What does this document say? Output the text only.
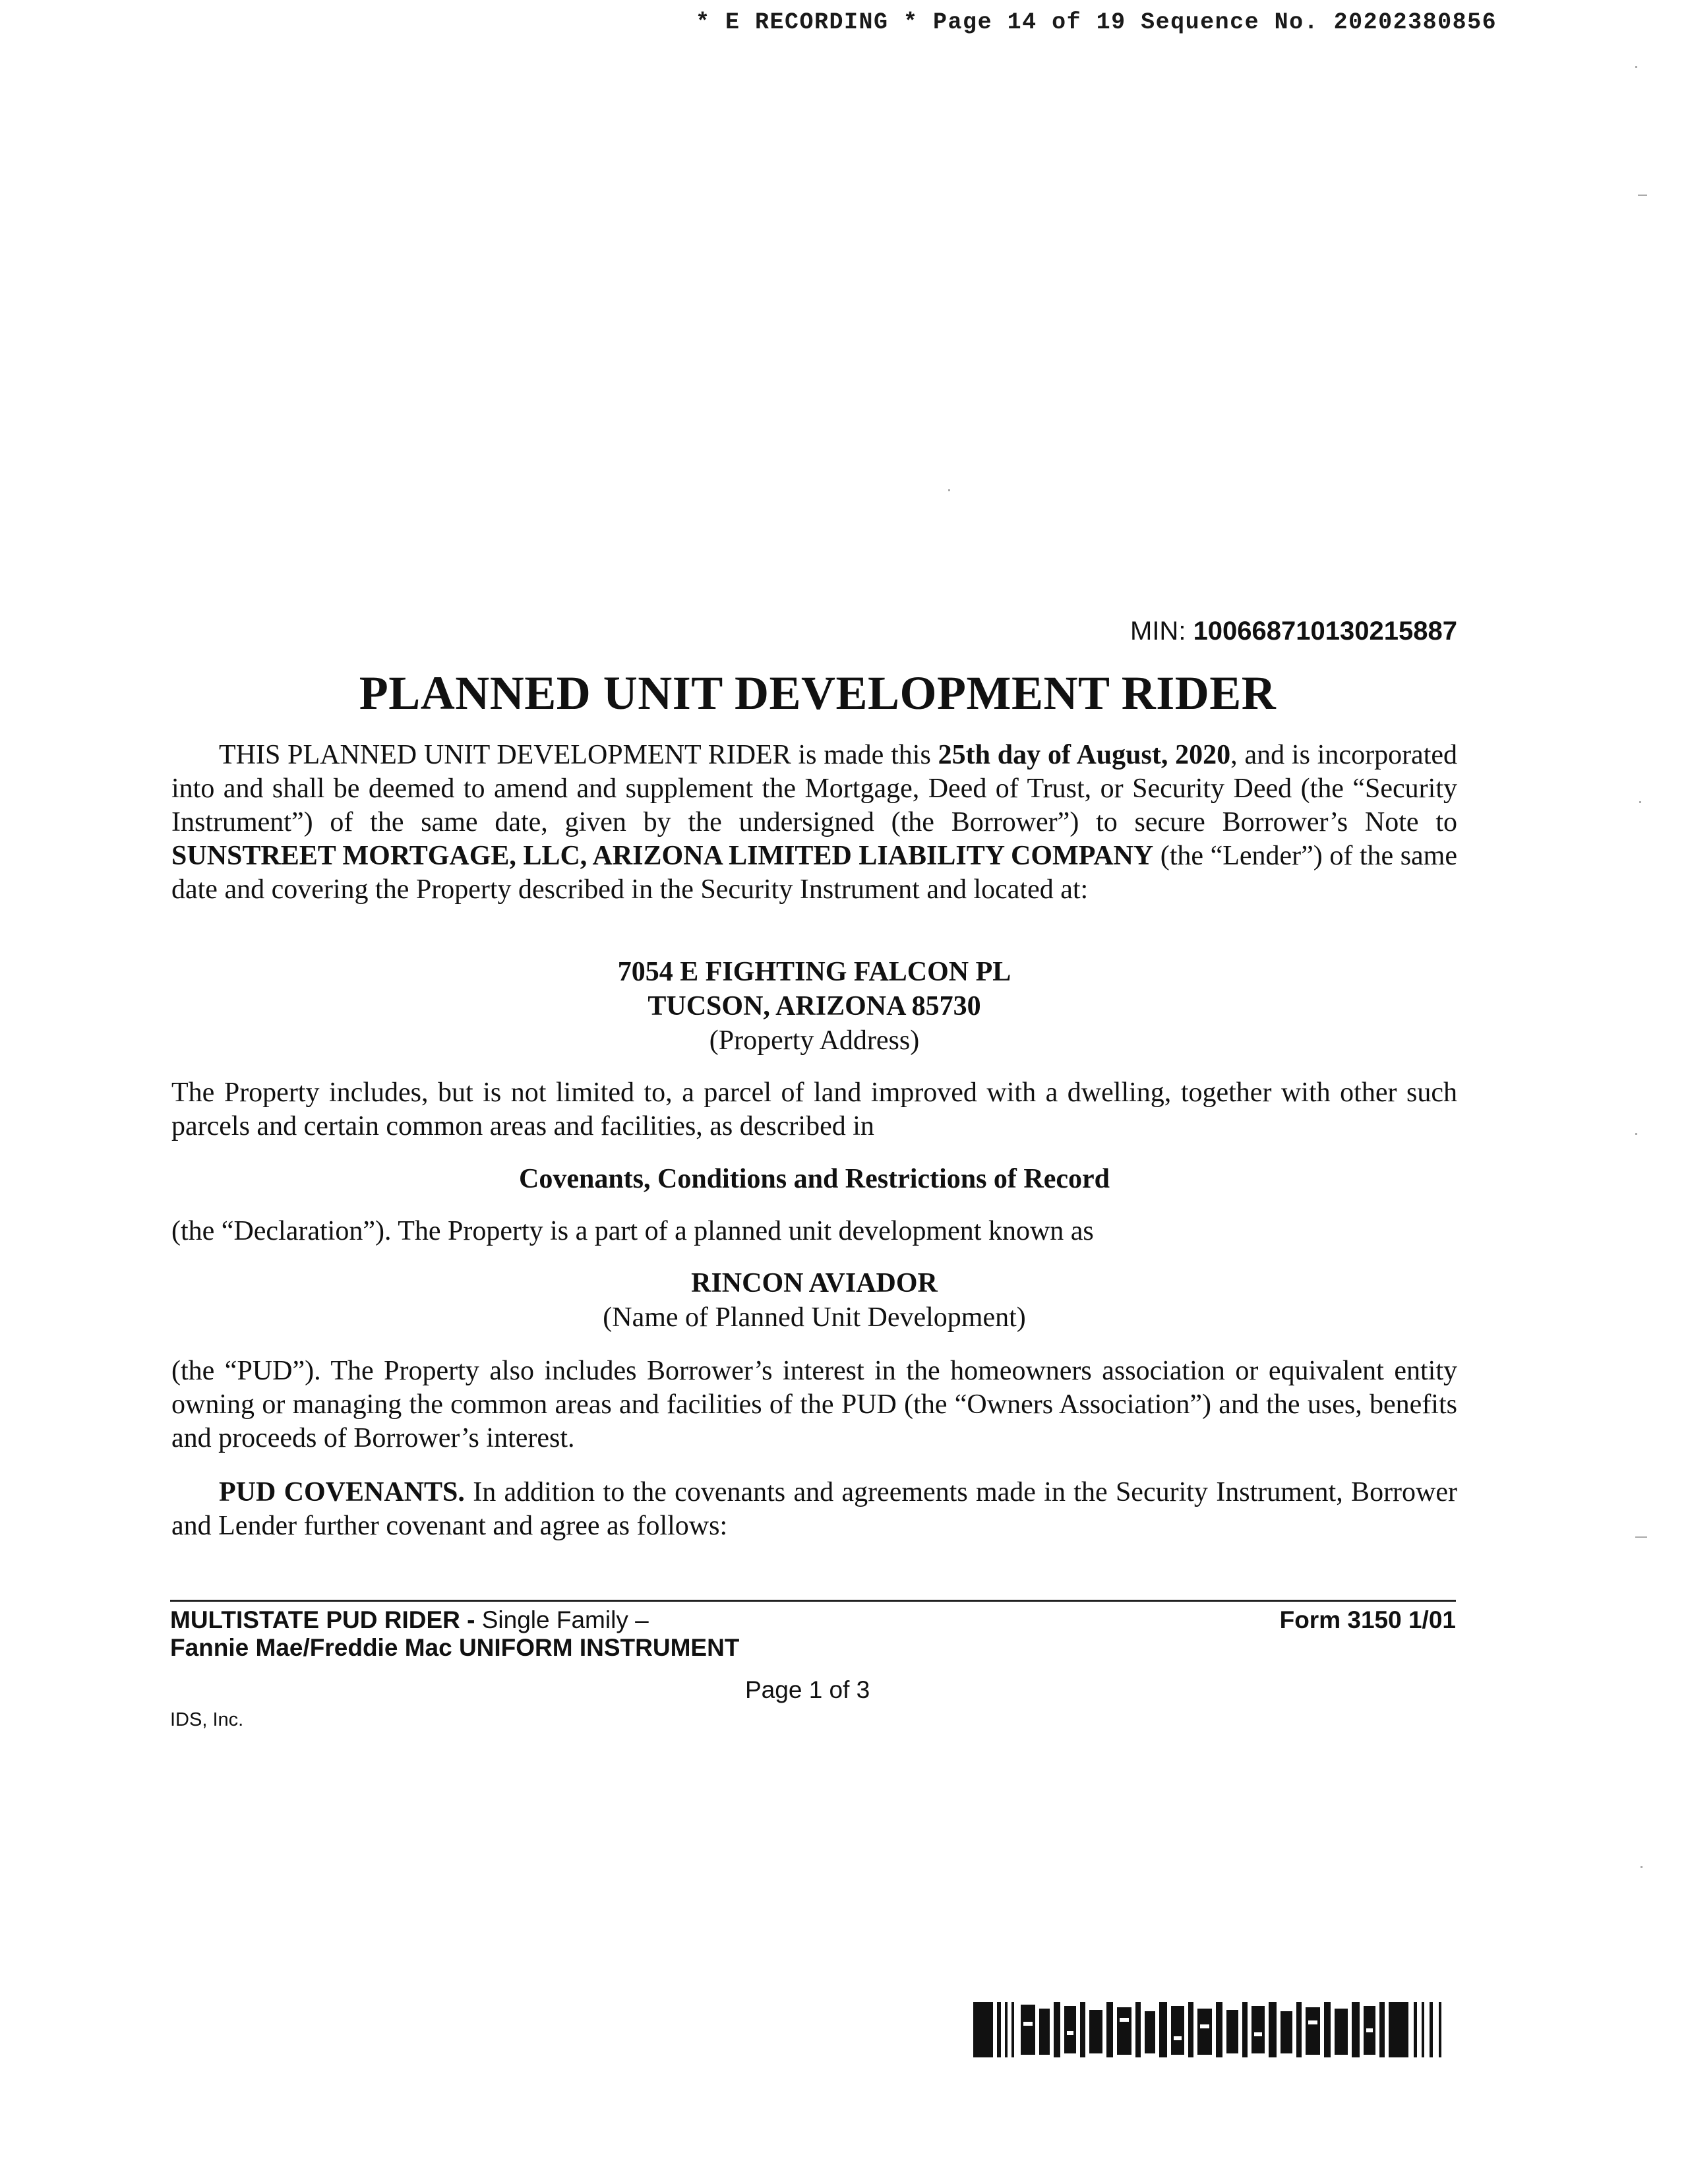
* E RECORDING * Page 14 of 19 Sequence No. 20202380856
MIN: 100668710130215887
PLANNED UNIT DEVELOPMENT RIDER
THIS PLANNED UNIT DEVELOPMENT RIDER is made this 25th day of August, 2020, and is incorporated into and shall be deemed to amend and supplement the Mortgage, Deed of Trust, or Security Deed (the “Security Instrument”) of the same date, given by the undersigned (the Borrower”) to secure Borrower’s Note to SUNSTREET MORTGAGE, LLC, ARIZONA LIMITED LIABILITY COMPANY (the “Lender”) of the same date and covering the Property described in the Security Instrument and located at:
7054 E FIGHTING FALCON PL
TUCSON, ARIZONA 85730
(Property Address)
The Property includes, but is not limited to, a parcel of land improved with a dwelling, together with other such parcels and certain common areas and facilities, as described in
Covenants, Conditions and Restrictions of Record
(the “Declaration”). The Property is a part of a planned unit development known as
RINCON AVIADOR
(Name of Planned Unit Development)
(the “PUD”). The Property also includes Borrower’s interest in the homeowners association or equivalent entity owning or managing the common areas and facilities of the PUD (the “Owners Association”) and the uses, benefits and proceeds of Borrower’s interest.
PUD COVENANTS. In addition to the covenants and agreements made in the Security Instrument, Borrower and Lender further covenant and agree as follows:
MULTISTATE PUD RIDER - Single Family –
Fannie Mae/Freddie Mac UNIFORM INSTRUMENT
Form 3150 1/01
Page 1 of 3
IDS, Inc.
